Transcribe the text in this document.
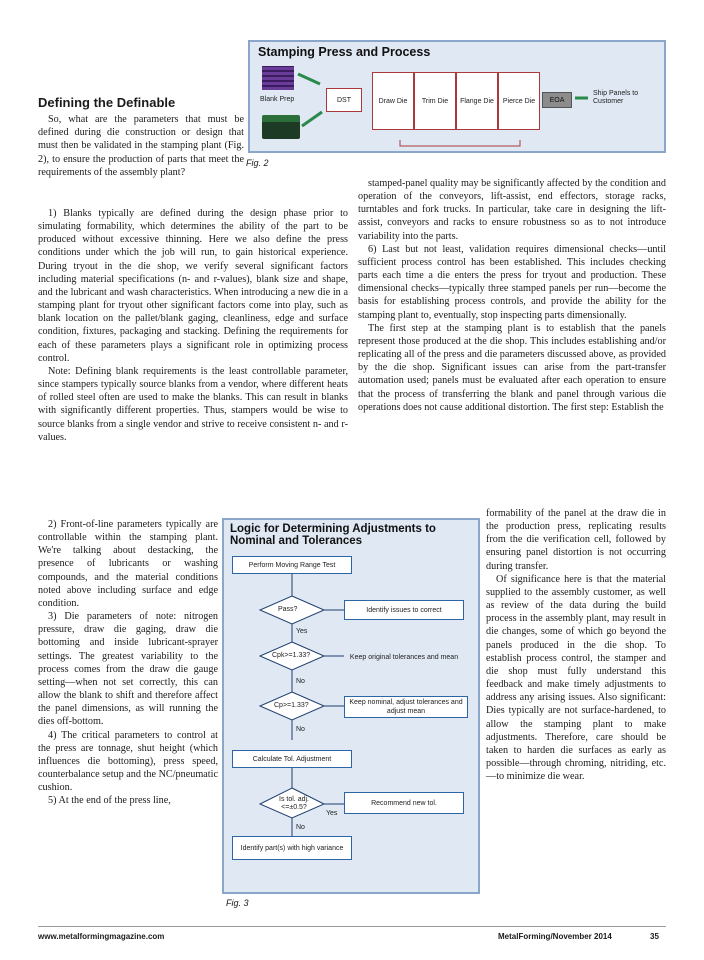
Stamping Press and Process
Blank Prep	DST	Draw Die	Trim Die	Flange Die	Pierce Die	EOA
Ship Panels to Customer
Fig. 2
Defining the Definable

So, what are the parameters that must be defined during die construction or design that must then be validated in the stamping plant (Fig. 2), to ensure the production of parts that meet the requirements of the assembly plant?

1) Blanks typically are defined during the design phase prior to simulating formability, which determines the ability of the part to be produced without excessive thinning. Here we also define the press conditions under which the job will run, to gain historical experience. During tryout in the die shop, we verify several significant factors including material specifications (n- and r-values), blank size and shape, and the lubricant and wash characteristics. When introducing a new die in a stamping plant for tryout other significant factors come into play, such as blank location on the pallet/blank gaging, cleanliness, edge and surface condition, fixtures, packaging and stacking. Defining the requirements for each of these parameters plays a significant role in optimizing process control.

Note: Defining blank requirements is the least controllable parameter, since stampers typically source blanks from a vendor, where different heats of rolled steel often are used to make the blanks. This can result in blanks with significantly different properties. Thus, stampers would be wise to source blanks from a single vendor and strive to receive consistent n- and r-values.

2) Front-of-line parameters typically are controllable within the stamping plant. We're talking about destacking, the presence of lubricants or washing compounds, and the material conditions noted above including surface and edge condition.

3) Die parameters of note: nitrogen pressure, draw die gaging, draw die bottoming and inside lubricant-sprayer settings. The greatest variability to the process comes from the draw die gauge setting—when not set correctly, this can allow the blank to shift and therefore affect the panel dimensions, as will running the dies off-bottom.

4) The critical parameters to control at the press are tonnage, shut height (which influences die bottoming), press speed, counterbalance setup and the NC/pneumatic cushion.

5) At the end of the press line,

stamped-panel quality may be significantly affected by the condition and operation of the conveyors, lift-assist, end effectors, storage racks, turntables and fork trucks. In particular, take care in designing the lift-assist, conveyors and racks to ensure robustness so as to not introduce variability into the parts.

6) Last but not least, validation requires dimensional checks—until sufficient process control has been established. This includes checking parts each time a die enters the press for tryout and production. These dimensional checks—typically three stamped panels per run—become the basis for establishing process controls, and provide the ability for the stamping plant to, eventually, stop inspecting parts dimensionally.

The first step at the stamping plant is to establish that the panels represent those produced at the die shop. This includes establishing and/or replicating all of the press and die parameters discussed above, as provided by the die shop. Significant issues can arise from the part-transfer automation used; panels must be evaluated after each operation to ensure that the process of transferring the blank and panel through various die operations does not cause additional distortion. The first step: Establish the

formability of the panel at the draw die in the production press, replicating results from the die verification cell, followed by ensuring panel distortion is not occurring during transfer.

Of significance here is that the material supplied to the assembly customer, as well as review of the data during the build process in the assembly plant, may result in die changes, some of which go beyond the panels produced in the die shop. To establish process control, the stamper and die shop must fully understand this feedback and make timely adjustments to address any arising issues. Also significant: Dies typically are not surface-hardened, to allow the stamping plant to make adjustments. Therefore, care should be taken to harden die surfaces as early as possible—through chroming, nitriding, etc.—to minimize die wear.

Logic for Determining Adjustments to Nominal and Tolerances
Perform Moving Range Test
Pass?	Identify issues to correct
Yes
Cpk>=1.33?	Keep original tolerances and mean
No
Cp>=1.33?	Keep nominal, adjust tolerances and adjust mean
No
Calculate Tol. Adjustment
Is tol. adj. <=±0.5?
Recommend new tol.
Yes
No
Identify part(s) with high variance
Fig. 3
www.metalformingmagazine.com	MetalForming/November 2014	35
